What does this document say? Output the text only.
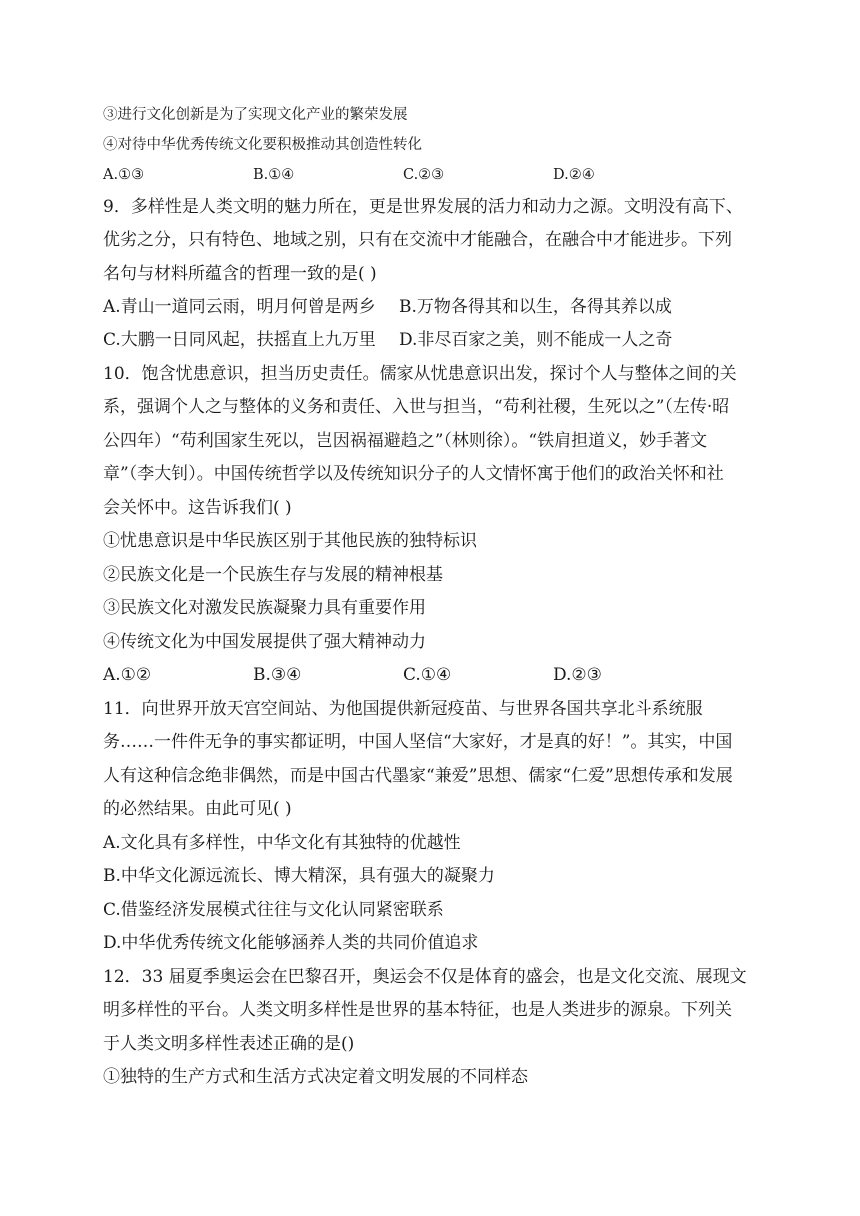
③进行文化创新是为了实现文化产业的繁荣发展
④对待中华优秀传统文化要积极推动其创造性转化
A.①③	B.①④	C.②③	D.②④
9．多样性是人类文明的魅力所在，更是世界发展的活力和动力之源。文明没有高下、
优劣之分，只有特色、地域之别，只有在交流中才能融合，在融合中才能进步。下列
名句与材料所蕴含的哲理一致的是( )
A.青山一道同云雨，明月何曾是两乡 B.万物各得其和以生，各得其养以成
C.大鹏一日同风起，扶摇直上九万里 D.非尽百家之美，则不能成一人之奇
10．饱含忧患意识，担当历史责任。儒家从忧患意识出发，探讨个人与整体之间的关
系，强调个人之与整体的义务和责任、入世与担当，“苟利社稷，生死以之”（左传·昭
公四年）“苟利国家生死以，岂因祸福避趋之”（林则徐）。“铁肩担道义，妙手著文
章”（李大钊）。中国传统哲学以及传统知识分子的人文情怀寓于他们的政治关怀和社
会关怀中。这告诉我们( )
①忧患意识是中华民族区别于其他民族的独特标识
②民族文化是一个民族生存与发展的精神根基
③民族文化对激发民族凝聚力具有重要作用
④传统文化为中国发展提供了强大精神动力
A.①②	B.③④	C.①④	D.②③
11．向世界开放天宫空间站、为他国提供新冠疫苗、与世界各国共享北斗系统服
务……一件件无争的事实都证明，中国人坚信“大家好，才是真的好！”。其实，中国
人有这种信念绝非偶然，而是中国古代墨家“兼爱”思想、儒家“仁爱”思想传承和发展
的必然结果。由此可见( )
A.文化具有多样性，中华文化有其独特的优越性
B.中华文化源远流长、博大精深，具有强大的凝聚力
C.借鉴经济发展模式往往与文化认同紧密联系
D.中华优秀传统文化能够涵养人类的共同价值追求
12．33 届夏季奥运会在巴黎召开，奥运会不仅是体育的盛会，也是文化交流、展现文
明多样性的平台。人类文明多样性是世界的基本特征，也是人类进步的源泉。下列关
于人类文明多样性表述正确的是()
①独特的生产方式和生活方式决定着文明发展的不同样态
